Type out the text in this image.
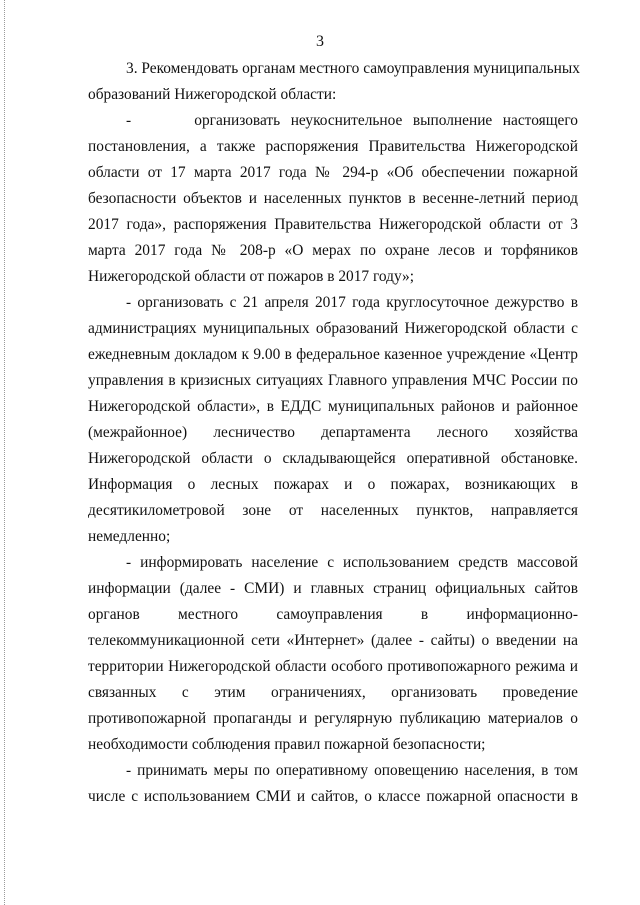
3
3. Рекомендовать органам местного самоуправления муниципальных
образований Нижегородской области:
-      организовать неукоснительное выполнение настоящего
постановления, а также распоряжения Правительства Нижегородской
области от 17 марта 2017 года № 294-р «Об обеспечении пожарной
безопасности объектов и населенных пунктов в весенне-летний период
2017 года», распоряжения Правительства Нижегородской области от 3
марта 2017 года № 208-р «О мерах по охране лесов и торфяников
Нижегородской области от пожаров в 2017 году»;
- организовать с 21 апреля 2017 года круглосуточное дежурство в
администрациях муниципальных образований Нижегородской области с
ежедневным докладом к 9.00 в федеральное казенное учреждение «Центр
управления в кризисных ситуациях Главного управления МЧС России по
Нижегородской области», в ЕДДС муниципальных районов и районное
(межрайонное) лесничество департамента лесного хозяйства
Нижегородской области о складывающейся оперативной обстановке.
Информация о лесных пожарах и о пожарах, возникающих в
десятикилометровой зоне от населенных пунктов, направляется
немедленно;
- информировать население с использованием средств массовой
информации (далее - СМИ) и главных страниц официальных сайтов
органов местного самоуправления в информационно-
телекоммуникационной сети «Интернет» (далее - сайты) о введении на
территории Нижегородской области особого противопожарного режима и
связанных с этим ограничениях, организовать проведение
противопожарной пропаганды и регулярную публикацию материалов о
необходимости соблюдения правил пожарной безопасности;
- принимать меры по оперативному оповещению населения, в том
числе с использованием СМИ и сайтов, о классе пожарной опасности в
